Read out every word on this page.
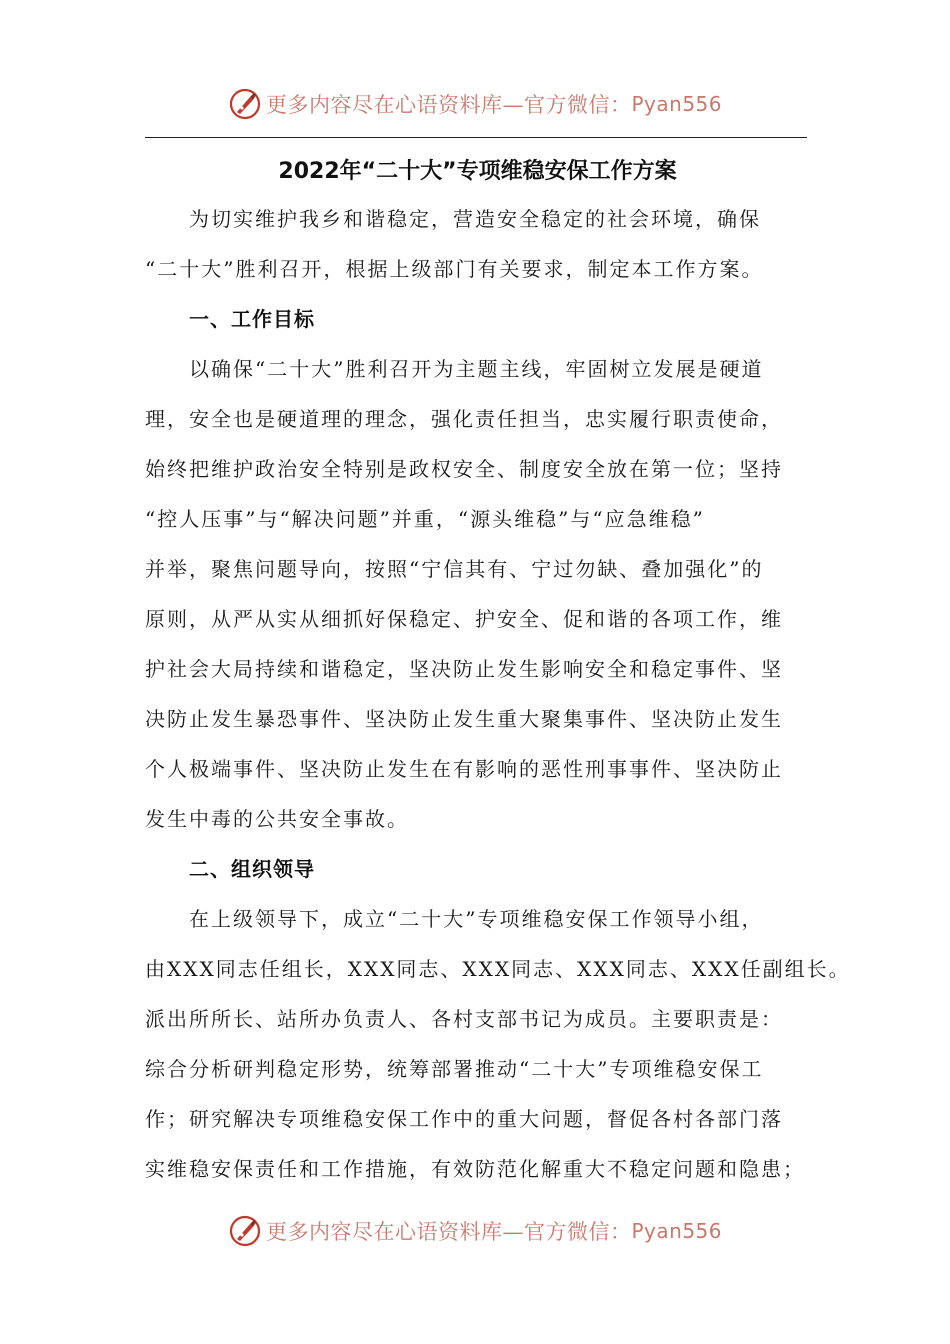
更多内容尽在心语资料库—官方微信： Pyan556
2022年“二十大”专项维稳安保工作方案
为切实维护我乡和谐稳定，营造安全稳定的社会环境，确保
“二十大”胜利召开，根据上级部门有关要求，制定本工作方案。
一、工作目标
以确保“二十大”胜利召开为主题主线，牢固树立发展是硬道
理，安全也是硬道理的理念，强化责任担当，忠实履行职责使命，
始终把维护政治安全特别是政权安全、制度安全放在第一位；坚持
“控人压事”与“解决问题”并重，“源头维稳”与“应急维稳”
并举，聚焦问题导向，按照“宁信其有、宁过勿缺、叠加强化”的
原则，从严从实从细抓好保稳定、护安全、促和谐的各项工作，维
护社会大局持续和谐稳定，坚决防止发生影响安全和稳定事件、坚
决防止发生暴恐事件、坚决防止发生重大聚集事件、坚决防止发生
个人极端事件、坚决防止发生在有影响的恶性刑事事件、坚决防止
发生中毒的公共安全事故。
二、组织领导
在上级领导下，成立“二十大”专项维稳安保工作领导小组，
由XXX同志任组长，XXX同志、XXX同志、XXX同志、XXX任副组长。
派出所所长、站所办负责人、各村支部书记为成员。主要职责是：
综合分析研判稳定形势，统筹部署推动“二十大”专项维稳安保工
作；研究解决专项维稳安保工作中的重大问题，督促各村各部门落
实维稳安保责任和工作措施，有效防范化解重大不稳定问题和隐患；
更多内容尽在心语资料库—官方微信： Pyan556
